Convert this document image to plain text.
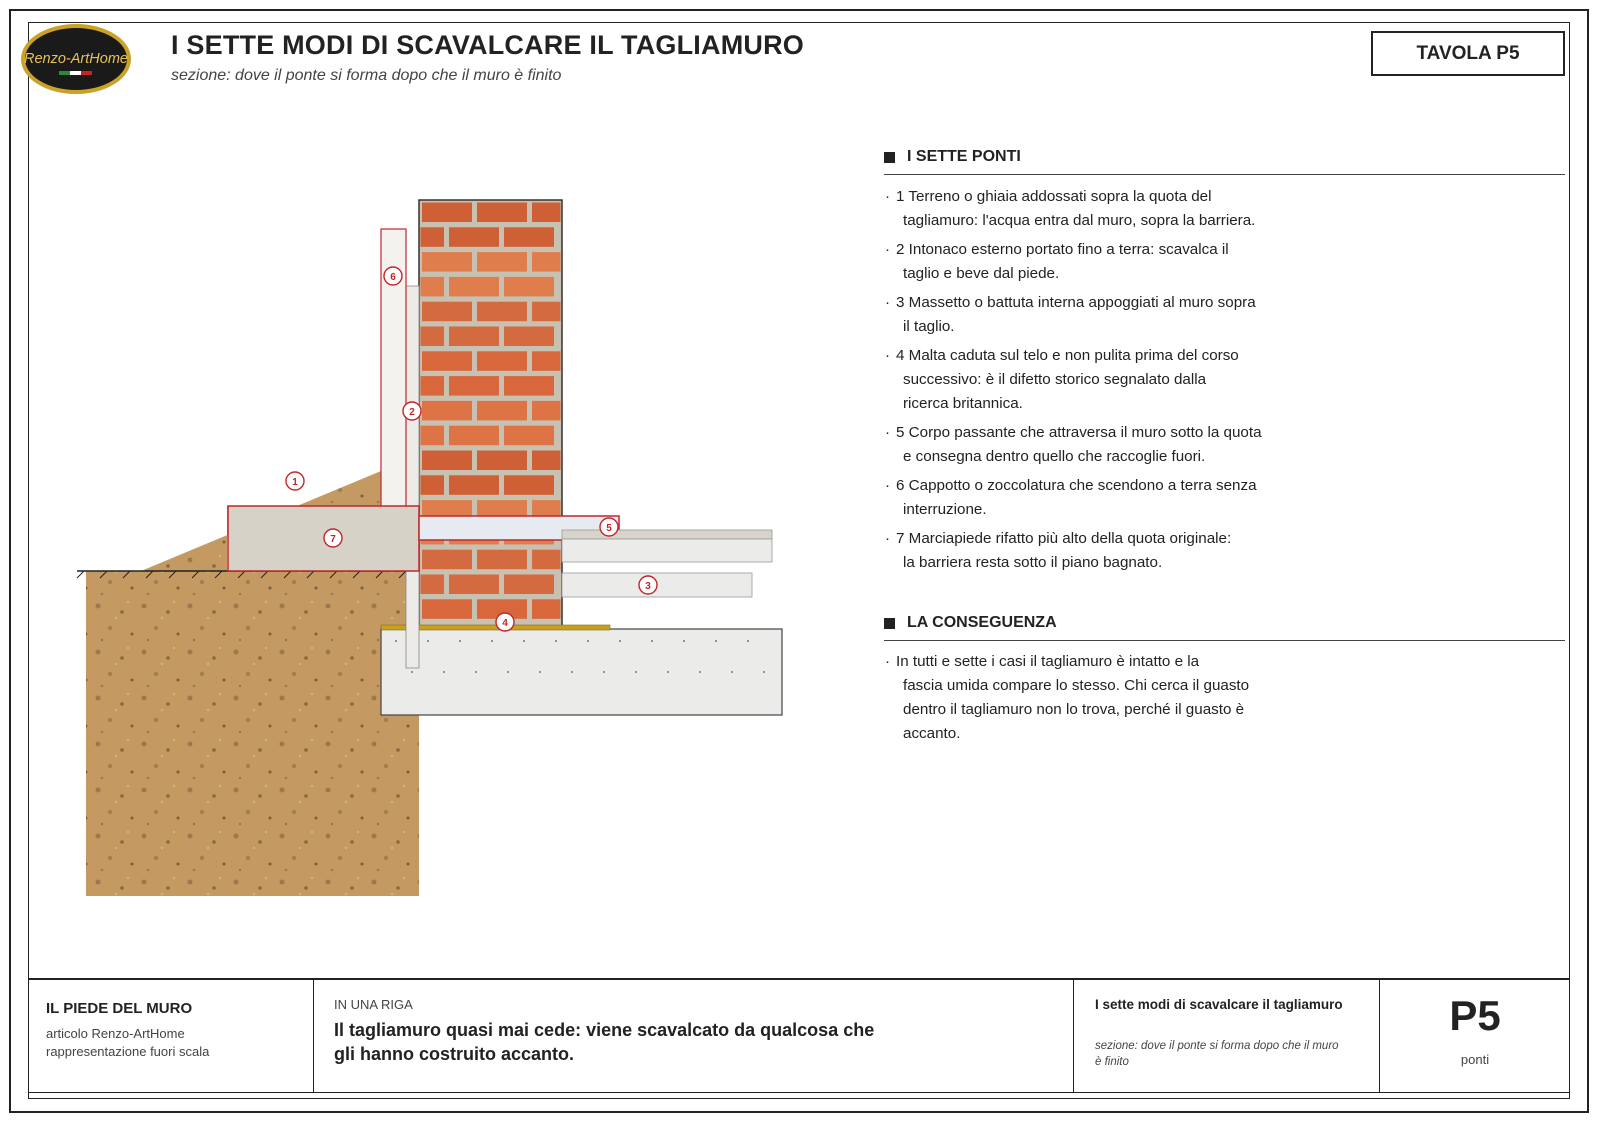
Renzo-ArtHome I SETTE MODI DI SCAVALCARE IL TAGLIAMURO
sezione: dove il ponte si forma dopo che il muro è finito
TAVOLA P5
1
2
3
4
5
6
7
I SETTE PONTI
· 1 Terreno o ghiaia addossati sopra la quota del
tagliamuro: l'acqua entra dal muro, sopra la barriera.
· 2 Intonaco esterno portato fino a terra: scavalca il
taglio e beve dal piede.
· 3 Massetto o battuta interna appoggiati al muro sopra
il taglio.
· 4 Malta caduta sul telo e non pulita prima del corso
successivo: è il difetto storico segnalato dalla
ricerca britannica.
· 5 Corpo passante che attraversa il muro sotto la quota
e consegna dentro quello che raccoglie fuori.
· 6 Cappotto o zoccolatura che scendono a terra senza
interruzione.
· 7 Marciapiede rifatto più alto della quota originale:
la barriera resta sotto il piano bagnato.
LA CONSEGUENZA
· In tutti e sette i casi il tagliamuro è intatto e la
fascia umida compare lo stesso. Chi cerca il guasto
dentro il tagliamuro non lo trova, perché il guasto è
accanto.
IL PIEDE DEL MURO
articolo Renzo-ArtHome
rappresentazione fuori scala
IN UNA RIGA
Il tagliamuro quasi mai cede: viene scavalcato da qualcosa che gli hanno costruito accanto.
I sette modi di scavalcare il tagliamuro
sezione: dove il ponte si forma dopo che il muro è finito
P5
ponti
